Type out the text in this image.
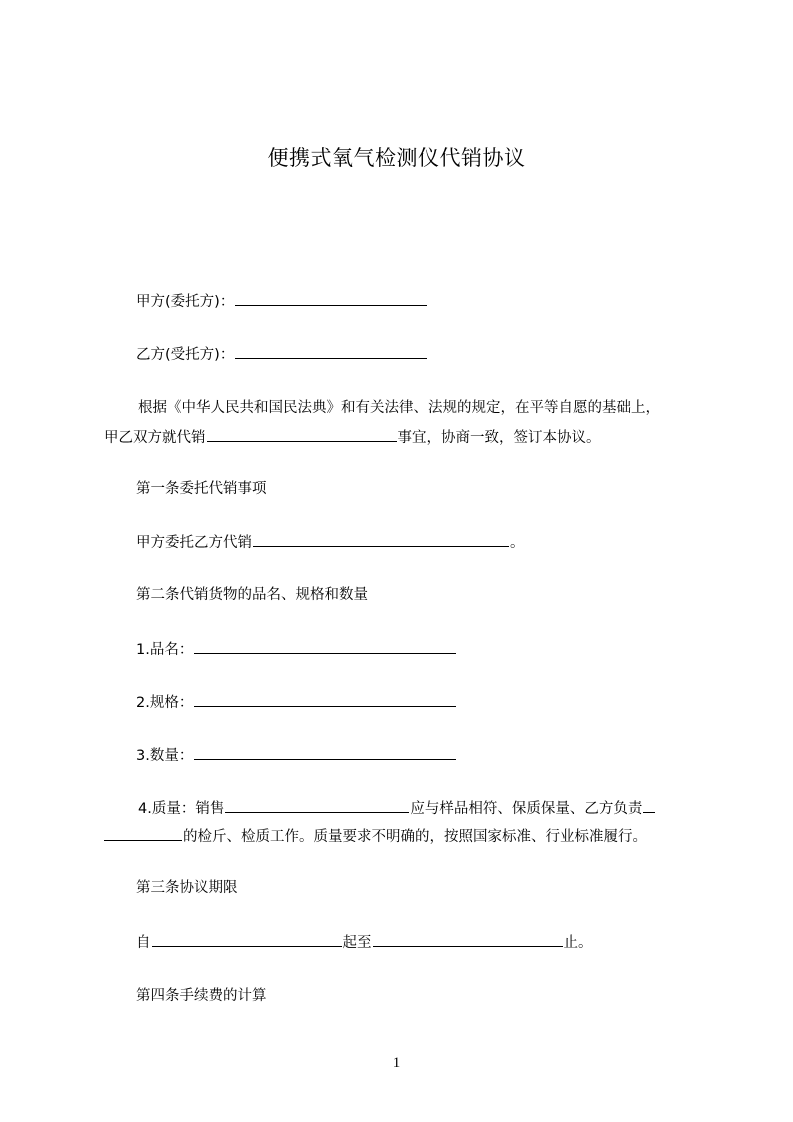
便携式氧气检测仪代销协议
甲方(委托方)：
乙方(受托方)：
根据《中华人民共和国民法典》和有关法律、法规的规定，在平等自愿的基础上，
甲乙双方就代销	事宜，协商一致，签订本协议。
第一条委托代销事项
甲方委托乙方代销	。
第二条代销货物的品名、规格和数量
1.品名：
2.规格：
3.数量：
4.质量：销售	应与样品相符、保质保量、乙方负责
的检斤、检质工作。质量要求不明确的，按照国家标准、行业标准履行。
第三条协议期限
自	起至	止。
第四条手续费的计算
1
